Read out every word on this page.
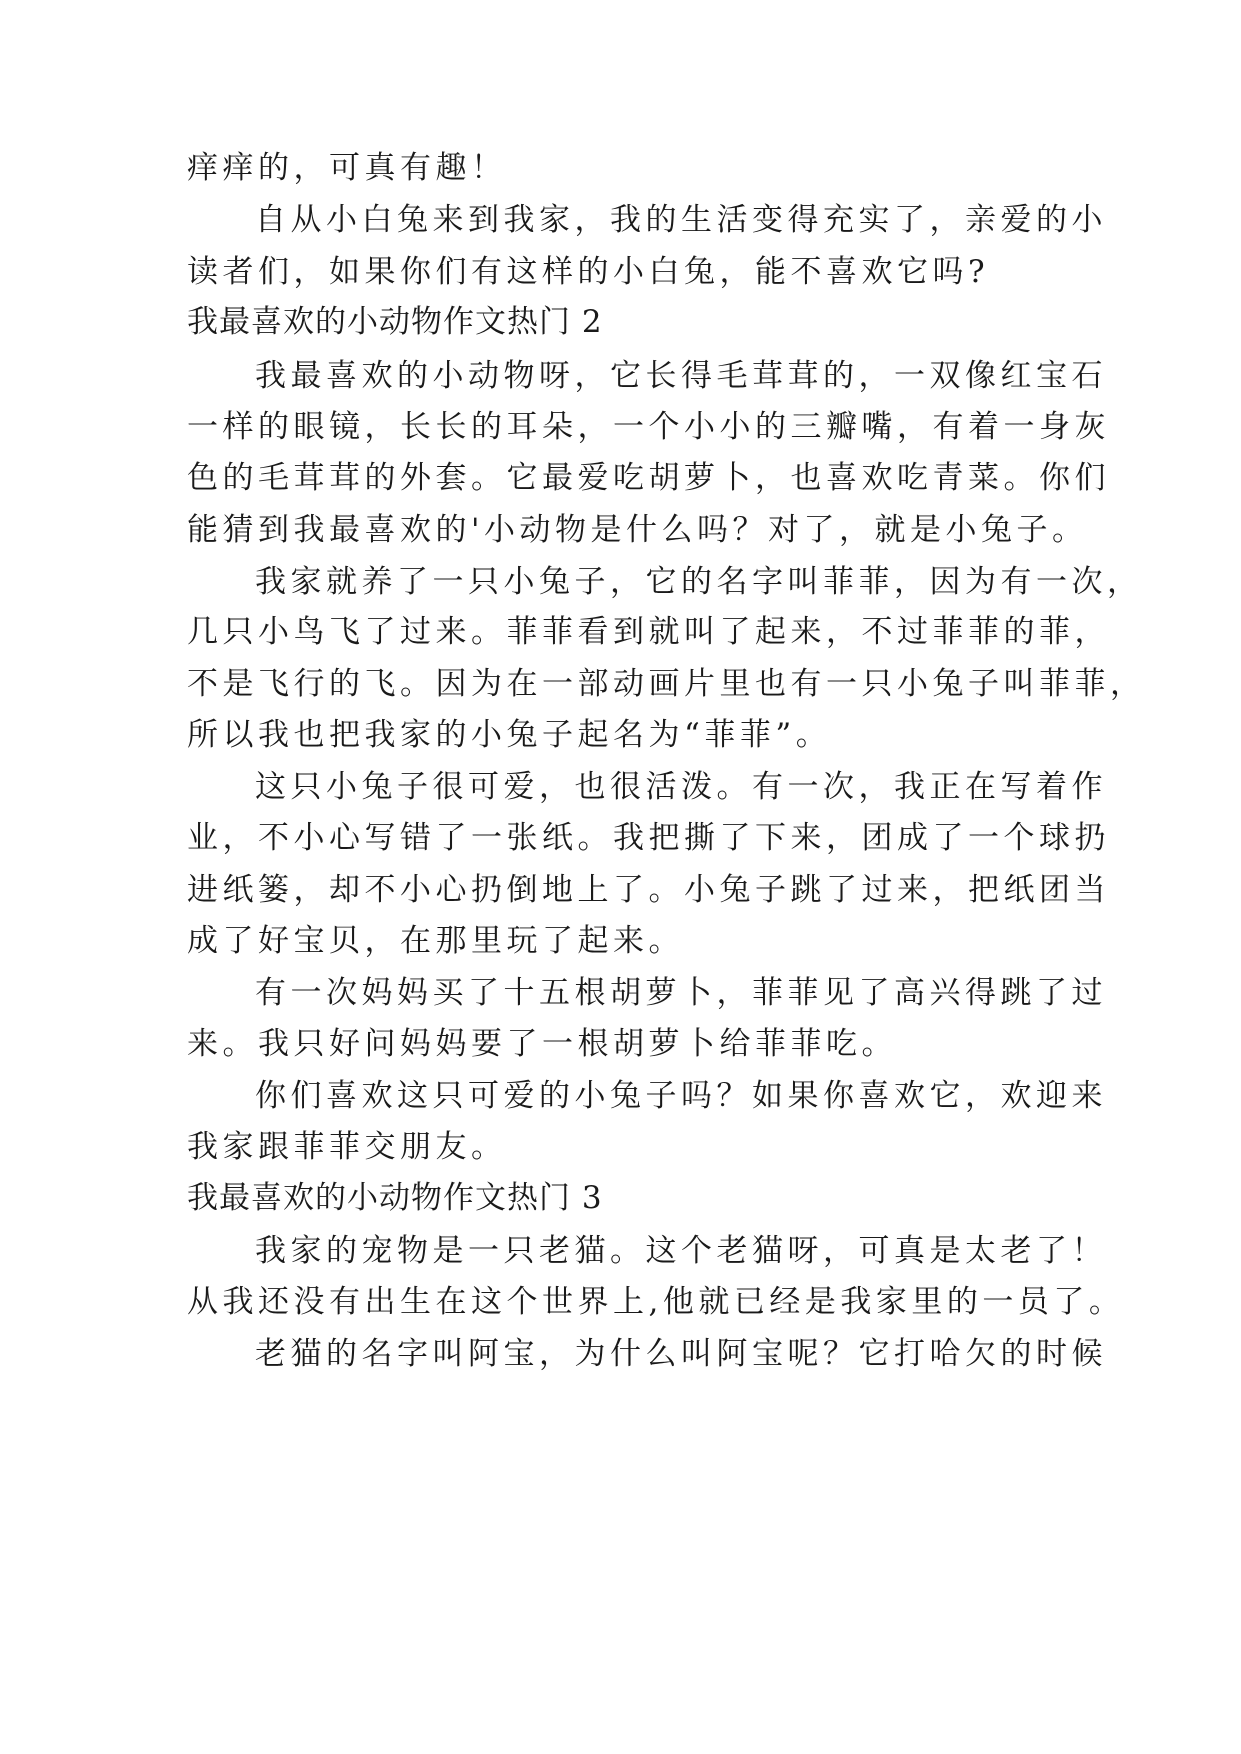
痒痒的，可真有趣！

自从小白兔来到我家，我的生活变得充实了，亲爱的小

读者们，如果你们有这样的小白兔，能不喜欢它吗?

我最喜欢的小动物作文热门 2

我最喜欢的小动物呀，它长得毛茸茸的，一双像红宝石

一样的眼镜，长长的耳朵，一个小小的三瓣嘴，有着一身灰

色的毛茸茸的外套。它最爱吃胡萝卜，也喜欢吃青菜。你们

能猜到我最喜欢的'小动物是什么吗？对了，就是小兔子。

我家就养了一只小兔子，它的名字叫菲菲，因为有一次，

几只小鸟飞了过来。菲菲看到就叫了起来，不过菲菲的菲，

不是飞行的飞。因为在一部动画片里也有一只小兔子叫菲菲，

所以我也把我家的小兔子起名为“菲菲”。

这只小兔子很可爱，也很活泼。有一次，我正在写着作

业，不小心写错了一张纸。我把撕了下来，团成了一个球扔

进纸篓，却不小心扔倒地上了。小兔子跳了过来，把纸团当

成了好宝贝，在那里玩了起来。

有一次妈妈买了十五根胡萝卜，菲菲见了高兴得跳了过

来。我只好问妈妈要了一根胡萝卜给菲菲吃。

你们喜欢这只可爱的小兔子吗？如果你喜欢它，欢迎来

我家跟菲菲交朋友。

我最喜欢的小动物作文热门 3

我家的宠物是一只老猫。这个老猫呀，可真是太老了！

从我还没有出生在这个世界上,他就已经是我家里的一员了。

老猫的名字叫阿宝，为什么叫阿宝呢？它打哈欠的时候
